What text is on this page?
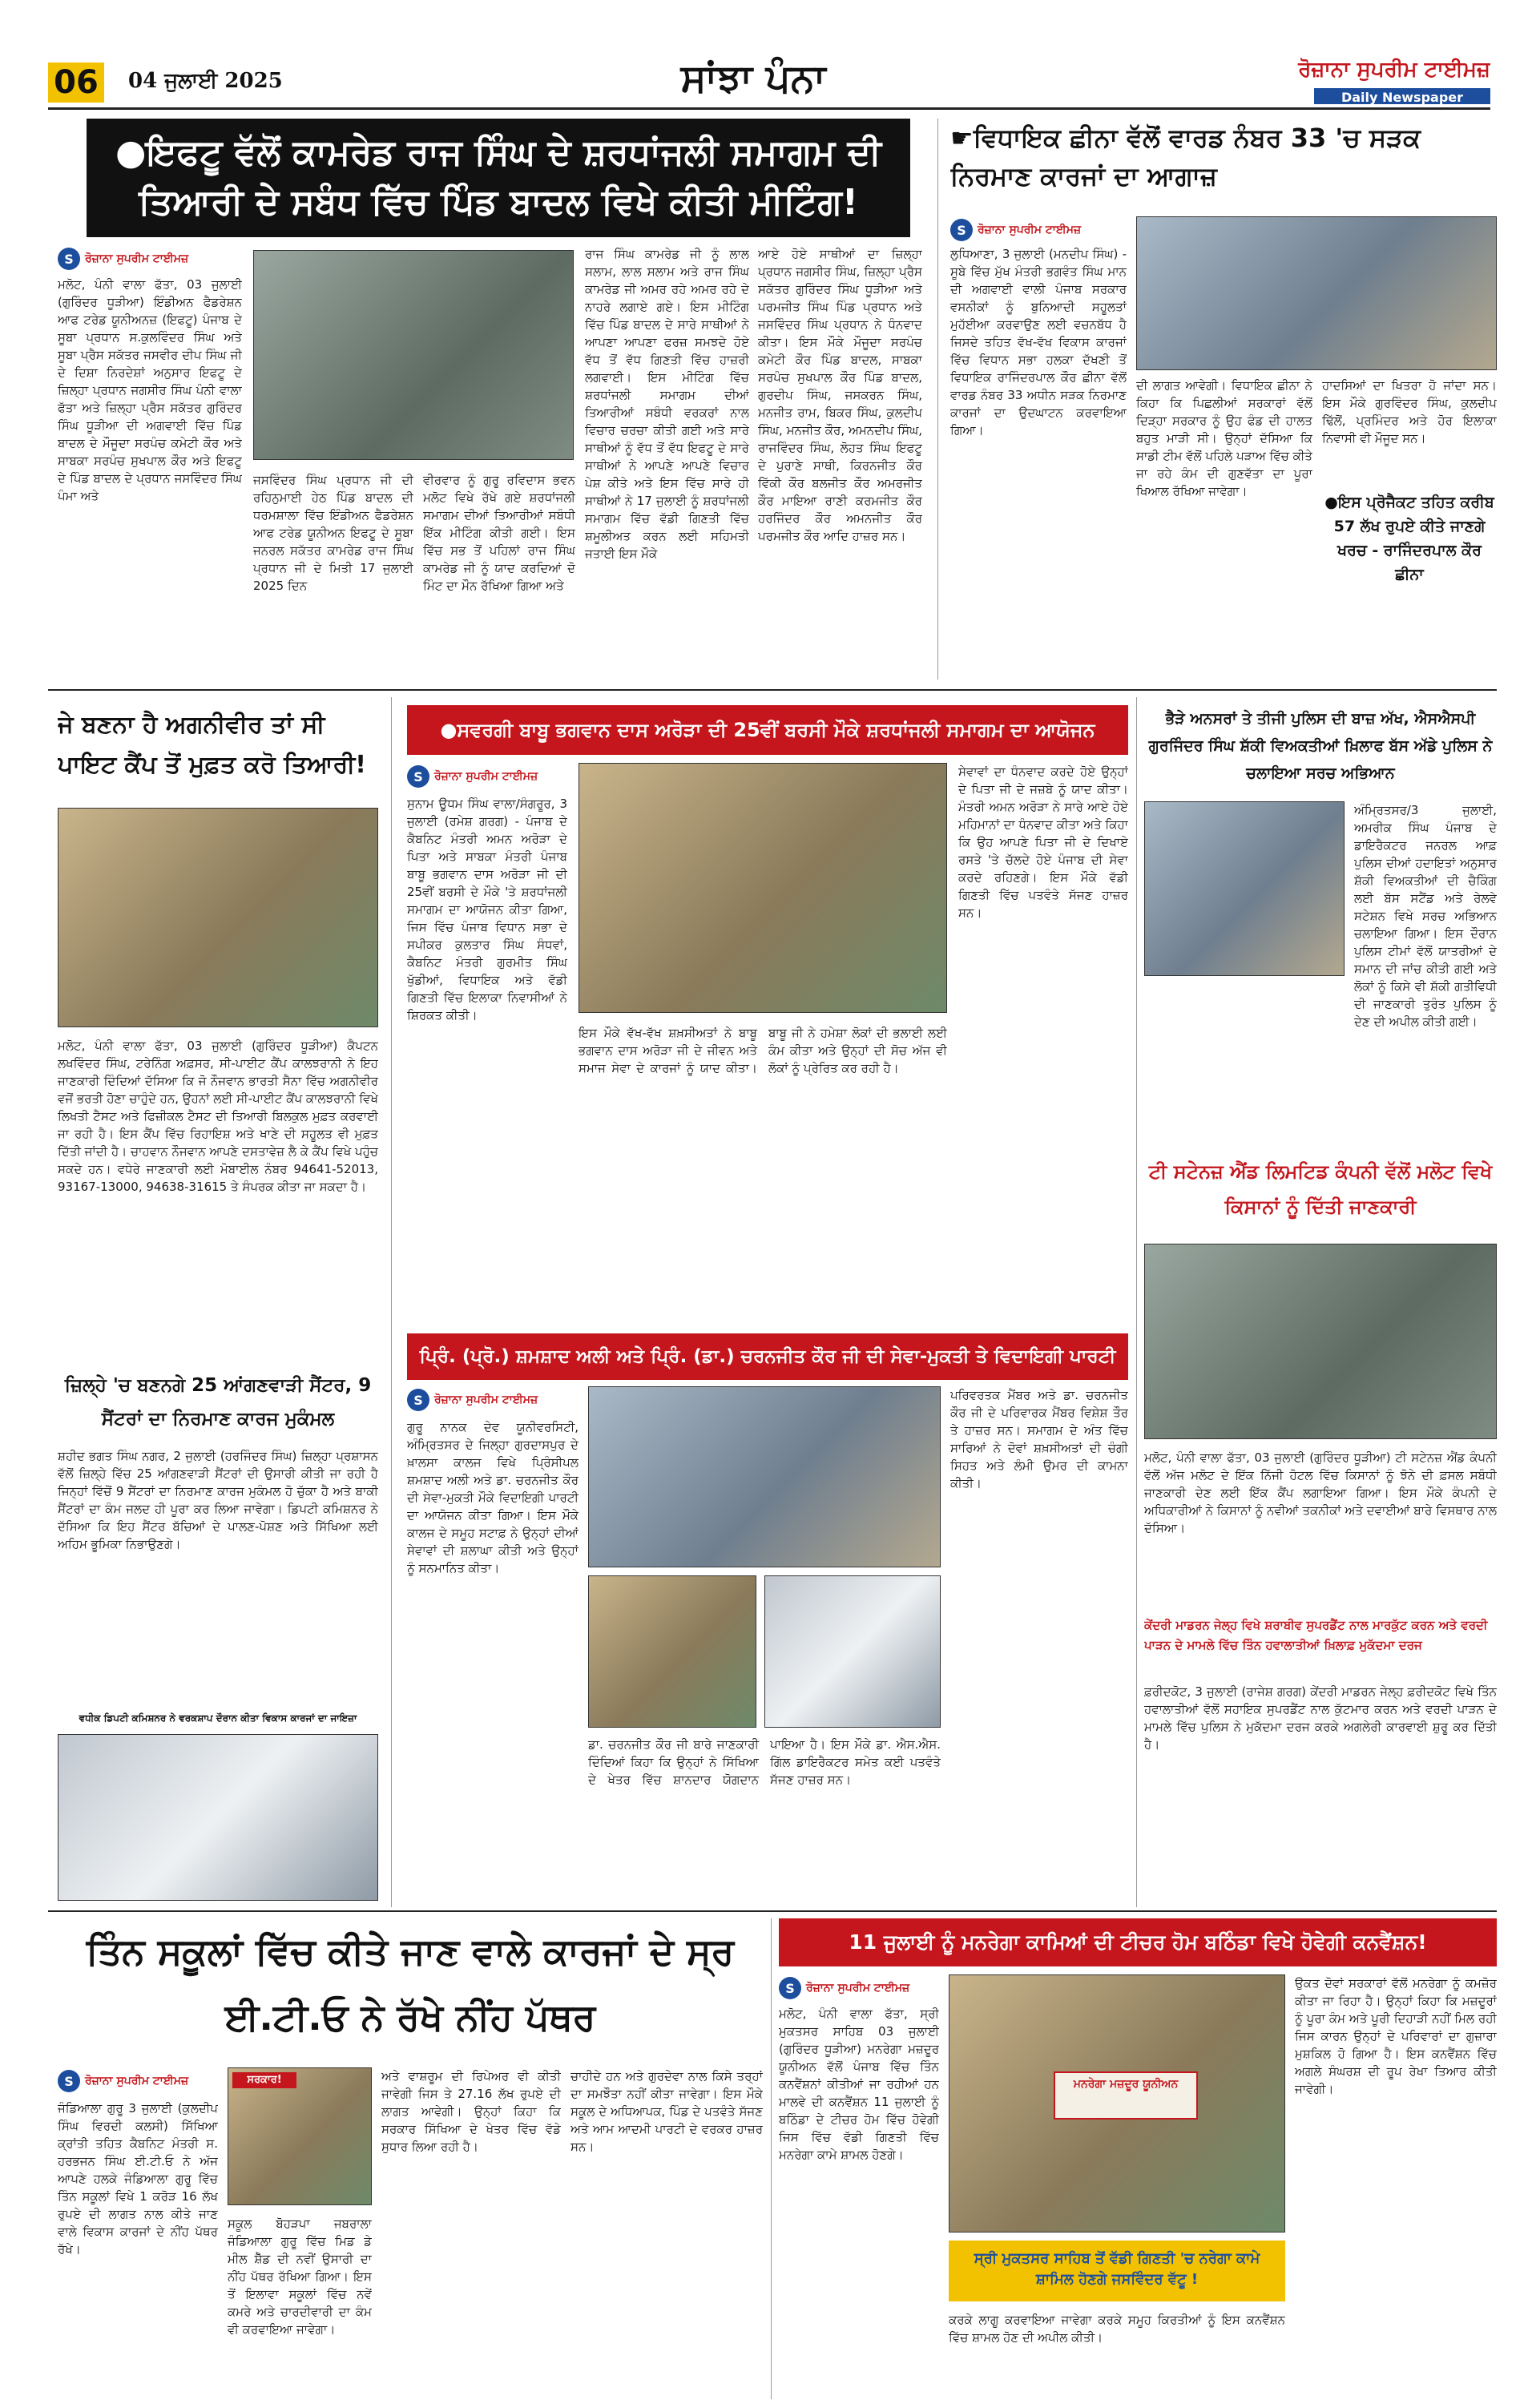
06 04 ਜੁਲਾਈ 2025	ਸਾਂਝਾ ਪੰਨਾ	ਰੋਜ਼ਾਨਾ ਸੁਪਰੀਮ ਟਾਈਮਜ਼
Daily Newspaper
●ਇਫਟੂ ਵੱਲੋਂ ਕਾਮਰੇਡ ਰਾਜ ਸਿੰਘ ਦੇ ਸ਼ਰਧਾਂਜਲੀ ਸਮਾਗਮ ਦੀ ਤਿਆਰੀ ਦੇ ਸਬੰਧ ਵਿੱਚ ਪਿੰਡ ਬਾਦਲ ਵਿਖੇ ਕੀਤੀ ਮੀਟਿੰਗ!
S	ਰੋਜ਼ਾਨਾ ਸੁਪਰੀਮ ਟਾਈਮਜ਼
ਮਲੋਟ, ਪੰਨੀ ਵਾਲਾ ਫੱਤਾ, 03 ਜੁਲਾਈ (ਗੁਰਿੰਦਰ ਧੂੜੀਆ) ਇੰਡੀਅਨ ਫੈਡਰੇਸ਼ਨ ਆਫ ਟਰੇਡ ਯੂਨੀਅਨਜ਼ (ਇਫਟੂ) ਪੰਜਾਬ ਦੇ ਸੂਬਾ ਪ੍ਰਧਾਨ ਸ.ਕੁਲਵਿੰਦਰ ਸਿੰਘ ਅਤੇ ਸੂਬਾ ਪ੍ਰੈਸ ਸਕੱਤਰ ਜਸਵੀਰ ਦੀਪ ਸਿੰਘ ਜੀ ਦੇ ਦਿਸ਼ਾ ਨਿਰਦੇਸ਼ਾਂ ਅਨੁਸਾਰ ਇਫਟੂ ਦੇ ਜ਼ਿਲ੍ਹਾ ਪ੍ਰਧਾਨ ਜਗਸੀਰ ਸਿੰਘ ਪੰਨੀ ਵਾਲਾ ਫੱਤਾ ਅਤੇ ਜ਼ਿਲ੍ਹਾ ਪ੍ਰੈਸ ਸਕੱਤਰ ਗੁਰਿੰਦਰ ਸਿੰਘ ਧੂੜੀਆ ਦੀ ਅਗਵਾਈ ਵਿੱਚ ਪਿੰਡ ਬਾਦਲ ਦੇ ਮੌਜੂਦਾ ਸਰਪੰਚ ਕਮੇਟੀ ਕੌਰ ਅਤੇ ਸਾਬਕਾ ਸਰਪੰਚ ਸੁਖਪਾਲ ਕੌਰ ਅਤੇ ਇਫਟੂ ਦੇ ਪਿੰਡ ਬਾਦਲ ਦੇ ਪ੍ਰਧਾਨ ਜਸਵਿੰਦਰ ਸਿੰਘ ਪੰਮਾ ਅਤੇ
ਜਸਵਿੰਦਰ ਸਿੰਘ ਪ੍ਰਧਾਨ ਜੀ ਦੀ ਰਹਿਨੁਮਾਈ ਹੇਠ ਪਿੰਡ ਬਾਦਲ ਦੀ ਧਰਮਸ਼ਾਲਾ ਵਿੱਚ ਇੰਡੀਅਨ ਫੈਡਰੇਸ਼ਨ ਆਫ ਟਰੇਡ ਯੂਨੀਅਨ ਇਫਟੂ ਦੇ ਸੂਬਾ ਜਨਰਲ ਸਕੱਤਰ ਕਾਮਰੇਡ ਰਾਜ ਸਿੰਘ ਪ੍ਰਧਾਨ ਜੀ ਦੇ ਮਿਤੀ 17 ਜੁਲਾਈ 2025 ਦਿਨ
ਵੀਰਵਾਰ ਨੂੰ ਗੁਰੂ ਰਵਿਦਾਸ ਭਵਨ ਮਲੋਟ ਵਿਖੇ ਰੱਖੇ ਗਏ ਸ਼ਰਧਾਂਜਲੀ ਸਮਾਗਮ ਦੀਆਂ ਤਿਆਰੀਆਂ ਸਬੰਧੀ ਇੱਕ ਮੀਟਿੰਗ ਕੀਤੀ ਗਈ। ਇਸ ਵਿੱਚ ਸਭ ਤੋਂ ਪਹਿਲਾਂ ਰਾਜ ਸਿੰਘ ਕਾਮਰੇਡ ਜੀ ਨੂੰ ਯਾਦ ਕਰਦਿਆਂ ਦੋ ਮਿੰਟ ਦਾ ਮੌਨ ਰੱਖਿਆ ਗਿਆ ਅਤੇ
ਰਾਜ ਸਿੰਘ ਕਾਮਰੇਡ ਜੀ ਨੂੰ ਲਾਲ ਸਲਾਮ, ਲਾਲ ਸਲਾਮ ਅਤੇ ਰਾਜ ਸਿੰਘ ਕਾਮਰੇਡ ਜੀ ਅਮਰ ਰਹੇ ਅਮਰ ਰਹੇ ਦੇ ਨਾਹਰੇ ਲਗਾਏ ਗਏ। ਇਸ ਮੀਟਿੰਗ ਵਿੱਚ ਪਿੰਡ ਬਾਦਲ ਦੇ ਸਾਰੇ ਸਾਥੀਆਂ ਨੇ ਆਪਣਾ ਆਪਣਾ ਫਰਜ਼ ਸਮਝਦੇ ਹੋਏ ਵੱਧ ਤੋਂ ਵੱਧ ਗਿਣਤੀ ਵਿੱਚ ਹਾਜ਼ਰੀ ਲਗਵਾਈ। ਇਸ ਮੀਟਿੰਗ ਵਿੱਚ ਸ਼ਰਧਾਂਜਲੀ ਸਮਾਗਮ ਦੀਆਂ ਤਿਆਰੀਆਂ ਸਬੰਧੀ ਵਰਕਰਾਂ ਨਾਲ ਵਿਚਾਰ ਚਰਚਾ ਕੀਤੀ ਗਈ ਅਤੇ ਸਾਰੇ ਸਾਥੀਆਂ ਨੂੰ ਵੱਧ ਤੋਂ ਵੱਧ ਇਫਟੂ ਦੇ ਸਾਰੇ ਸਾਥੀਆਂ ਨੇ ਆਪਣੇ ਆਪਣੇ ਵਿਚਾਰ ਪੇਸ਼ ਕੀਤੇ ਅਤੇ ਇਸ ਵਿੱਚ ਸਾਰੇ ਹੀ ਸਾਥੀਆਂ ਨੇ 17 ਜੁਲਾਈ ਨੂੰ ਸ਼ਰਧਾਂਜਲੀ ਸਮਾਗਮ ਵਿੱਚ ਵੱਡੀ ਗਿਣਤੀ ਵਿੱਚ ਸ਼ਮੂਲੀਅਤ ਕਰਨ ਲਈ ਸਹਿਮਤੀ ਜਤਾਈ ਇਸ ਮੌਕੇ
ਆਏ ਹੋਏ ਸਾਥੀਆਂ ਦਾ ਜ਼ਿਲ੍ਹਾ ਪ੍ਰਧਾਨ ਜਗਸੀਰ ਸਿੰਘ, ਜ਼ਿਲ੍ਹਾ ਪ੍ਰੈਸ ਸਕੱਤਰ ਗੁਰਿੰਦਰ ਸਿੰਘ ਧੂੜੀਆ ਅਤੇ ਪਰਮਜੀਤ ਸਿੰਘ ਪਿੰਡ ਪ੍ਰਧਾਨ ਅਤੇ ਜਸਵਿੰਦਰ ਸਿੰਘ ਪ੍ਰਧਾਨ ਨੇ ਧੰਨਵਾਦ ਕੀਤਾ। ਇਸ ਮੌਕੇ ਮੌਜੂਦਾ ਸਰਪੰਚ ਕਮੇਟੀ ਕੌਰ ਪਿੰਡ ਬਾਦਲ, ਸਾਬਕਾ ਸਰਪੰਚ ਸੁਖਪਾਲ ਕੌਰ ਪਿੰਡ ਬਾਦਲ, ਗੁਰਦੀਪ ਸਿੰਘ, ਜਸਕਰਨ ਸਿੰਘ, ਮਨਜੀਤ ਰਾਮ, ਬਿਕਰ ਸਿੰਘ, ਕੁਲਦੀਪ ਸਿੰਘ, ਮਨਜੀਤ ਕੌਰ, ਅਮਨਦੀਪ ਸਿੰਘ, ਰਾਜਵਿੰਦਰ ਸਿੰਘ, ਲੋਹਤ ਸਿੰਘ ਇਫਟੂ ਦੇ ਪੁਰਾਣੇ ਸਾਥੀ, ਕਿਰਨਜੀਤ ਕੌਰ ਵਿੱਕੀ ਕੌਰ ਬਲਜੀਤ ਕੌਰ ਅਮਰਜੀਤ ਕੌਰ ਮਾਇਆ ਰਾਣੀ ਕਰਮਜੀਤ ਕੌਰ ਹਰਜਿੰਦਰ ਕੌਰ ਅਮਨਜੀਤ ਕੌਰ ਪਰਮਜੀਤ ਕੌਰ ਆਦਿ ਹਾਜ਼ਰ ਸਨ।
☛ਵਿਧਾਇਕ ਛੀਨਾ ਵੱਲੋਂ ਵਾਰਡ ਨੰਬਰ 33 'ਚ ਸੜਕ ਨਿਰਮਾਣ ਕਾਰਜਾਂ ਦਾ ਆਗਾਜ਼
S	ਰੋਜ਼ਾਨਾ ਸੁਪਰੀਮ ਟਾਈਮਜ਼
ਲੁਧਿਆਣਾ, 3 ਜੁਲਾਈ (ਮਨਦੀਪ ਸਿੰਘ) - ਸੂਬੇ ਵਿੱਚ ਮੁੱਖ ਮੰਤਰੀ ਭਗਵੰਤ ਸਿੰਘ ਮਾਨ ਦੀ ਅਗਵਾਈ ਵਾਲੀ ਪੰਜਾਬ ਸਰਕਾਰ ਵਸਨੀਕਾਂ ਨੂੰ ਬੁਨਿਆਦੀ ਸਹੂਲਤਾਂ ਮੁਹੱਈਆ ਕਰਵਾਉਣ ਲਈ ਵਚਨਬੱਧ ਹੈ ਜਿਸਦੇ ਤਹਿਤ ਵੱਖ-ਵੱਖ ਵਿਕਾਸ ਕਾਰਜਾਂ ਵਿੱਚ ਵਿਧਾਨ ਸਭਾ ਹਲਕਾ ਦੱਖਣੀ ਤੋਂ ਵਿਧਾਇਕ ਰਾਜਿੰਦਰਪਾਲ ਕੌਰ ਛੀਨਾ ਵੱਲੋਂ ਵਾਰਡ ਨੰਬਰ 33 ਅਧੀਨ ਸੜਕ ਨਿਰਮਾਣ ਕਾਰਜਾਂ ਦਾ ਉਦਘਾਟਨ ਕਰਵਾਇਆ ਗਿਆ।
ਦੀ ਲਾਗਤ ਆਵੇਗੀ। ਵਿਧਾਇਕ ਛੀਨਾ ਨੇ ਕਿਹਾ ਕਿ ਪਿਛਲੀਆਂ ਸਰਕਾਰਾਂ ਵੱਲੋਂ ਦਿੜ੍ਹਾ ਸਰਕਾਰ ਨੂੰ ਉਹ ਫੰਡ ਦੀ ਹਾਲਤ ਬਹੁਤ ਮਾੜੀ ਸੀ। ਉਨ੍ਹਾਂ ਦੱਸਿਆ ਕਿ ਸਾਡੀ ਟੀਮ ਵੱਲੋਂ ਪਹਿਲੇ ਪੜਾਅ ਵਿੱਚ ਕੀਤੇ ਜਾ ਰਹੇ ਕੰਮ ਦੀ ਗੁਣਵੱਤਾ ਦਾ ਪੂਰਾ ਖਿਆਲ ਰੱਖਿਆ ਜਾਵੇਗਾ।
ਹਾਦਸਿਆਂ ਦਾ ਖਿਤਰਾ ਹੋ ਜਾਂਦਾ ਸਨ। ਇਸ ਮੌਕੇ ਗੁਰਵਿੰਦਰ ਸਿੰਘ, ਕੁਲਦੀਪ ਢਿੱਲੋਂ, ਪ੍ਰਮਿੰਦਰ ਅਤੇ ਹੋਰ ਇਲਾਕਾ ਨਿਵਾਸੀ ਵੀ ਮੌਜੂਦ ਸਨ।
●ਇਸ ਪ੍ਰੋਜੈਕਟ ਤਹਿਤ ਕਰੀਬ 57 ਲੱਖ ਰੁਪਏ ਕੀਤੇ ਜਾਣਗੇ ਖਰਚ - ਰਾਜਿੰਦਰਪਾਲ ਕੌਰ ਛੀਨਾ
ਜੇ ਬਣਨਾ ਹੈ ਅਗਨੀਵੀਰ ਤਾਂ ਸੀ ਪਾਇਟ ਕੈਂਪ ਤੋਂ ਮੁਫ਼ਤ ਕਰੋ ਤਿਆਰੀ!
ਮਲੋਟ, ਪੰਨੀ ਵਾਲਾ ਫੱਤਾ, 03 ਜੁਲਾਈ (ਗੁਰਿੰਦਰ ਧੂੜੀਆ) ਕੈਪਟਨ ਲਖਵਿੰਦਰ ਸਿੰਘ, ਟਰੇਨਿੰਗ ਅਫ਼ਸਰ, ਸੀ-ਪਾਈਟ ਕੈਂਪ ਕਾਲਝਰਾਨੀ ਨੇ ਇਹ ਜਾਣਕਾਰੀ ਦਿੰਦਿਆਂ ਦੱਸਿਆ ਕਿ ਜੋ ਨੌਜਵਾਨ ਭਾਰਤੀ ਸੈਨਾ ਵਿੱਚ ਅਗਨੀਵੀਰ ਵਜੋਂ ਭਰਤੀ ਹੋਣਾ ਚਾਹੁੰਦੇ ਹਨ, ਉਹਨਾਂ ਲਈ ਸੀ-ਪਾਈਟ ਕੈਂਪ ਕਾਲਝਰਾਨੀ ਵਿਖੇ ਲਿਖਤੀ ਟੈਸਟ ਅਤੇ ਫਿਜ਼ੀਕਲ ਟੈਸਟ ਦੀ ਤਿਆਰੀ ਬਿਲਕੁਲ ਮੁਫ਼ਤ ਕਰਵਾਈ ਜਾ ਰਹੀ ਹੈ। ਇਸ ਕੈਂਪ ਵਿੱਚ ਰਿਹਾਇਸ਼ ਅਤੇ ਖਾਣੇ ਦੀ ਸਹੂਲਤ ਵੀ ਮੁਫ਼ਤ ਦਿੱਤੀ ਜਾਂਦੀ ਹੈ। ਚਾਹਵਾਨ ਨੌਜਵਾਨ ਆਪਣੇ ਦਸਤਾਵੇਜ਼ ਲੈ ਕੇ ਕੈਂਪ ਵਿਖੇ ਪਹੁੰਚ ਸਕਦੇ ਹਨ। ਵਧੇਰੇ ਜਾਣਕਾਰੀ ਲਈ ਮੋਬਾਈਲ ਨੰਬਰ 94641-52013, 93167-13000, 94638-31615 ਤੇ ਸੰਪਰਕ ਕੀਤਾ ਜਾ ਸਕਦਾ ਹੈ।
ਜ਼ਿਲ੍ਹੇ 'ਚ ਬਣਨਗੇ 25 ਆਂਗਣਵਾੜੀ ਸੈਂਟਰ, 9 ਸੈਂਟਰਾਂ ਦਾ ਨਿਰਮਾਣ ਕਾਰਜ ਮੁਕੰਮਲ
ਸ਼ਹੀਦ ਭਗਤ ਸਿੰਘ ਨਗਰ, 2 ਜੁਲਾਈ (ਹਰਜਿੰਦਰ ਸਿੰਘ) ਜ਼ਿਲ੍ਹਾ ਪ੍ਰਸ਼ਾਸਨ ਵੱਲੋਂ ਜ਼ਿਲ੍ਹੇ ਵਿੱਚ 25 ਆਂਗਣਵਾੜੀ ਸੈਂਟਰਾਂ ਦੀ ਉਸਾਰੀ ਕੀਤੀ ਜਾ ਰਹੀ ਹੈ ਜਿਨ੍ਹਾਂ ਵਿੱਚੋਂ 9 ਸੈਂਟਰਾਂ ਦਾ ਨਿਰਮਾਣ ਕਾਰਜ ਮੁਕੰਮਲ ਹੋ ਚੁੱਕਾ ਹੈ ਅਤੇ ਬਾਕੀ ਸੈਂਟਰਾਂ ਦਾ ਕੰਮ ਜਲਦ ਹੀ ਪੂਰਾ ਕਰ ਲਿਆ ਜਾਵੇਗਾ। ਡਿਪਟੀ ਕਮਿਸ਼ਨਰ ਨੇ ਦੱਸਿਆ ਕਿ ਇਹ ਸੈਂਟਰ ਬੱਚਿਆਂ ਦੇ ਪਾਲਣ-ਪੋਸ਼ਣ ਅਤੇ ਸਿੱਖਿਆ ਲਈ ਅਹਿਮ ਭੂਮਿਕਾ ਨਿਭਾਉਣਗੇ।
ਵਧੀਕ ਡਿਪਟੀ ਕਮਿਸ਼ਨਰ ਨੇ ਵਰਕਸ਼ਾਪ ਦੌਰਾਨ ਕੀਤਾ ਵਿਕਾਸ ਕਾਰਜਾਂ ਦਾ ਜਾਇਜ਼ਾ
●ਸਵਰਗੀ ਬਾਬੂ ਭਗਵਾਨ ਦਾਸ ਅਰੋੜਾ ਦੀ 25ਵੀਂ ਬਰਸੀ ਮੌਕੇ ਸ਼ਰਧਾਂਜਲੀ ਸਮਾਗਮ ਦਾ ਆਯੋਜਨ
S	ਰੋਜ਼ਾਨਾ ਸੁਪਰੀਮ ਟਾਈਮਜ਼
ਸੁਨਾਮ ਊਧਮ ਸਿੰਘ ਵਾਲਾ/ਸੰਗਰੂਰ, 3 ਜੁਲਾਈ (ਰਮੇਸ਼ ਗਰਗ) - ਪੰਜਾਬ ਦੇ ਕੈਬਨਿਟ ਮੰਤਰੀ ਅਮਨ ਅਰੋੜਾ ਦੇ ਪਿਤਾ ਅਤੇ ਸਾਬਕਾ ਮੰਤਰੀ ਪੰਜਾਬ ਬਾਬੂ ਭਗਵਾਨ ਦਾਸ ਅਰੋੜਾ ਜੀ ਦੀ 25ਵੀਂ ਬਰਸੀ ਦੇ ਮੌਕੇ 'ਤੇ ਸ਼ਰਧਾਂਜਲੀ ਸਮਾਗਮ ਦਾ ਆਯੋਜਨ ਕੀਤਾ ਗਿਆ, ਜਿਸ ਵਿੱਚ ਪੰਜਾਬ ਵਿਧਾਨ ਸਭਾ ਦੇ ਸਪੀਕਰ ਕੁਲਤਾਰ ਸਿੰਘ ਸੰਧਵਾਂ, ਕੈਬਨਿਟ ਮੰਤਰੀ ਗੁਰਮੀਤ ਸਿੰਘ ਖੁੱਡੀਆਂ, ਵਿਧਾਇਕ ਅਤੇ ਵੱਡੀ ਗਿਣਤੀ ਵਿੱਚ ਇਲਾਕਾ ਨਿਵਾਸੀਆਂ ਨੇ ਸ਼ਿਰਕਤ ਕੀਤੀ।
ਇਸ ਮੌਕੇ ਵੱਖ-ਵੱਖ ਸ਼ਖ਼ਸੀਅਤਾਂ ਨੇ ਬਾਬੂ ਭਗਵਾਨ ਦਾਸ ਅਰੋੜਾ ਜੀ ਦੇ ਜੀਵਨ ਅਤੇ ਸਮਾਜ ਸੇਵਾ ਦੇ ਕਾਰਜਾਂ ਨੂੰ ਯਾਦ ਕੀਤਾ। ਬਾਬੂ ਜੀ ਨੇ ਹਮੇਸ਼ਾ ਲੋਕਾਂ ਦੀ ਭਲਾਈ ਲਈ ਕੰਮ ਕੀਤਾ ਅਤੇ ਉਨ੍ਹਾਂ ਦੀ ਸੋਚ ਅੱਜ ਵੀ ਲੋਕਾਂ ਨੂੰ ਪ੍ਰੇਰਿਤ ਕਰ ਰਹੀ ਹੈ।
ਸੇਵਾਵਾਂ ਦਾ ਧੰਨਵਾਦ ਕਰਦੇ ਹੋਏ ਉਨ੍ਹਾਂ ਦੇ ਪਿਤਾ ਜੀ ਦੇ ਜਜ਼ਬੇ ਨੂੰ ਯਾਦ ਕੀਤਾ। ਮੰਤਰੀ ਅਮਨ ਅਰੋੜਾ ਨੇ ਸਾਰੇ ਆਏ ਹੋਏ ਮਹਿਮਾਨਾਂ ਦਾ ਧੰਨਵਾਦ ਕੀਤਾ ਅਤੇ ਕਿਹਾ ਕਿ ਉਹ ਆਪਣੇ ਪਿਤਾ ਜੀ ਦੇ ਦਿਖਾਏ ਰਸਤੇ 'ਤੇ ਚੱਲਦੇ ਹੋਏ ਪੰਜਾਬ ਦੀ ਸੇਵਾ ਕਰਦੇ ਰਹਿਣਗੇ। ਇਸ ਮੌਕੇ ਵੱਡੀ ਗਿਣਤੀ ਵਿੱਚ ਪਤਵੰਤੇ ਸੱਜਣ ਹਾਜ਼ਰ ਸਨ।
ਭੈੜੇ ਅਨਸਰਾਂ ਤੇ ਤੀਜੀ ਪੁਲਿਸ ਦੀ ਬਾਜ਼ ਅੱਖ, ਐਸਐਸਪੀ ਗੁਰਜਿੰਦਰ ਸਿੰਘ ਸ਼ੱਕੀ ਵਿਅਕਤੀਆਂ ਖ਼ਿਲਾਫ ਬੱਸ ਅੱਡੇ ਪੁਲਿਸ ਨੇ ਚਲਾਇਆ ਸਰਚ ਅਭਿਆਨ
ਅੰਮ੍ਰਿਤਸਰ/3 ਜੁਲਾਈ, ਅਮਰੀਕ ਸਿੰਘ ਪੰਜਾਬ ਦੇ ਡਾਇਰੈਕਟਰ ਜਨਰਲ ਆਫ਼ ਪੁਲਿਸ ਦੀਆਂ ਹਦਾਇਤਾਂ ਅਨੁਸਾਰ ਸ਼ੱਕੀ ਵਿਅਕਤੀਆਂ ਦੀ ਚੈਕਿੰਗ ਲਈ ਬੱਸ ਸਟੈਂਡ ਅਤੇ ਰੇਲਵੇ ਸਟੇਸ਼ਨ ਵਿਖੇ ਸਰਚ ਅਭਿਆਨ ਚਲਾਇਆ ਗਿਆ। ਇਸ ਦੌਰਾਨ ਪੁਲਿਸ ਟੀਮਾਂ ਵੱਲੋਂ ਯਾਤਰੀਆਂ ਦੇ ਸਮਾਨ ਦੀ ਜਾਂਚ ਕੀਤੀ ਗਈ ਅਤੇ ਲੋਕਾਂ ਨੂੰ ਕਿਸੇ ਵੀ ਸ਼ੱਕੀ ਗਤੀਵਿਧੀ ਦੀ ਜਾਣਕਾਰੀ ਤੁਰੰਤ ਪੁਲਿਸ ਨੂੰ ਦੇਣ ਦੀ ਅਪੀਲ ਕੀਤੀ ਗਈ।
ਟੀ ਸਟੇਨਜ਼ ਐਂਡ ਲਿਮਟਿਡ ਕੰਪਨੀ ਵੱਲੋਂ ਮਲੋਟ ਵਿਖੇ ਕਿਸਾਨਾਂ ਨੂੰ ਦਿੱਤੀ ਜਾਣਕਾਰੀ
ਮਲੋਟ, ਪੰਨੀ ਵਾਲਾ ਫੱਤਾ, 03 ਜੁਲਾਈ (ਗੁਰਿੰਦਰ ਧੂੜੀਆ) ਟੀ ਸਟੇਨਜ਼ ਐਂਡ ਕੰਪਨੀ ਵੱਲੋਂ ਅੱਜ ਮਲੋਟ ਦੇ ਇੱਕ ਨਿੱਜੀ ਹੋਟਲ ਵਿੱਚ ਕਿਸਾਨਾਂ ਨੂੰ ਝੋਨੇ ਦੀ ਫ਼ਸਲ ਸਬੰਧੀ ਜਾਣਕਾਰੀ ਦੇਣ ਲਈ ਇੱਕ ਕੈਂਪ ਲਗਾਇਆ ਗਿਆ। ਇਸ ਮੌਕੇ ਕੰਪਨੀ ਦੇ ਅਧਿਕਾਰੀਆਂ ਨੇ ਕਿਸਾਨਾਂ ਨੂੰ ਨਵੀਆਂ ਤਕਨੀਕਾਂ ਅਤੇ ਦਵਾਈਆਂ ਬਾਰੇ ਵਿਸਥਾਰ ਨਾਲ ਦੱਸਿਆ।
ਕੇਂਦਰੀ ਮਾਡਰਨ ਜੇਲ੍ਹ ਵਿਖੇ ਸ਼ਰਾਬੀਵ ਸੁਪਰਡੈਂਟ ਨਾਲ ਮਾਰਕੁੱਟ ਕਰਨ ਅਤੇ ਵਰਦੀ ਪਾੜਨ ਦੇ ਮਾਮਲੇ ਵਿੱਚ ਤਿੰਨ ਹਵਾਲਾਤੀਆਂ ਖ਼ਿਲਾਫ਼ ਮੁਕੱਦਮਾ ਦਰਜ
ਫ਼ਰੀਦਕੋਟ, 3 ਜੁਲਾਈ (ਰਾਜੇਸ਼ ਗਰਗ) ਕੇਂਦਰੀ ਮਾਡਰਨ ਜੇਲ੍ਹ ਫ਼ਰੀਦਕੋਟ ਵਿਖੇ ਤਿੰਨ ਹਵਾਲਾਤੀਆਂ ਵੱਲੋਂ ਸਹਾਇਕ ਸੁਪਰਡੈਂਟ ਨਾਲ ਕੁੱਟਮਾਰ ਕਰਨ ਅਤੇ ਵਰਦੀ ਪਾੜਨ ਦੇ ਮਾਮਲੇ ਵਿੱਚ ਪੁਲਿਸ ਨੇ ਮੁਕੱਦਮਾ ਦਰਜ ਕਰਕੇ ਅਗਲੇਰੀ ਕਾਰਵਾਈ ਸ਼ੁਰੂ ਕਰ ਦਿੱਤੀ ਹੈ।
ਪ੍ਰਿੰ. (ਪ੍ਰੋ.) ਸ਼ਮਸ਼ਾਦ ਅਲੀ ਅਤੇ ਪ੍ਰਿੰ. (ਡਾ.) ਚਰਨਜੀਤ ਕੌਰ ਜੀ ਦੀ ਸੇਵਾ-ਮੁਕਤੀ ਤੇ ਵਿਦਾਇਗੀ ਪਾਰਟੀ
S	ਰੋਜ਼ਾਨਾ ਸੁਪਰੀਮ ਟਾਈਮਜ਼
ਗੁਰੂ ਨਾਨਕ ਦੇਵ ਯੂਨੀਵਰਸਿਟੀ, ਅੰਮ੍ਰਿਤਸਰ ਦੇ ਜਿਲ੍ਹਾ ਗੁਰਦਾਸਪੁਰ ਦੇ ਖ਼ਾਲਸਾ ਕਾਲਜ ਵਿਖੇ ਪ੍ਰਿੰਸੀਪਲ ਸ਼ਮਸ਼ਾਦ ਅਲੀ ਅਤੇ ਡਾ. ਚਰਨਜੀਤ ਕੌਰ ਦੀ ਸੇਵਾ-ਮੁਕਤੀ ਮੌਕੇ ਵਿਦਾਇਗੀ ਪਾਰਟੀ ਦਾ ਆਯੋਜਨ ਕੀਤਾ ਗਿਆ। ਇਸ ਮੌਕੇ ਕਾਲਜ ਦੇ ਸਮੂਹ ਸਟਾਫ਼ ਨੇ ਉਨ੍ਹਾਂ ਦੀਆਂ ਸੇਵਾਵਾਂ ਦੀ ਸ਼ਲਾਘਾ ਕੀਤੀ ਅਤੇ ਉਨ੍ਹਾਂ ਨੂੰ ਸਨਮਾਨਿਤ ਕੀਤਾ।
ਡਾ. ਚਰਨਜੀਤ ਕੌਰ ਜੀ ਬਾਰੇ ਜਾਣਕਾਰੀ ਦਿੰਦਿਆਂ ਕਿਹਾ ਕਿ ਉਨ੍ਹਾਂ ਨੇ ਸਿੱਖਿਆ ਦੇ ਖੇਤਰ ਵਿੱਚ ਸ਼ਾਨਦਾਰ ਯੋਗਦਾਨ ਪਾਇਆ ਹੈ। ਇਸ ਮੌਕੇ ਡਾ. ਐਸ.ਐਸ. ਗਿੱਲ ਡਾਇਰੈਕਟਰ ਸਮੇਤ ਕਈ ਪਤਵੰਤੇ ਸੱਜਣ ਹਾਜ਼ਰ ਸਨ।
ਪਰਿਵਰਤਕ ਮੈਂਬਰ ਅਤੇ ਡਾ. ਚਰਨਜੀਤ ਕੌਰ ਜੀ ਦੇ ਪਰਿਵਾਰਕ ਮੈਂਬਰ ਵਿਸ਼ੇਸ਼ ਤੌਰ ਤੇ ਹਾਜ਼ਰ ਸਨ। ਸਮਾਗਮ ਦੇ ਅੰਤ ਵਿੱਚ ਸਾਰਿਆਂ ਨੇ ਦੋਵਾਂ ਸ਼ਖ਼ਸੀਅਤਾਂ ਦੀ ਚੰਗੀ ਸਿਹਤ ਅਤੇ ਲੰਮੀ ਉਮਰ ਦੀ ਕਾਮਨਾ ਕੀਤੀ।
ਤਿੰਨ ਸਕੂਲਾਂ ਵਿੱਚ ਕੀਤੇ ਜਾਣ ਵਾਲੇ ਕਾਰਜਾਂ ਦੇ ਸ੍ਰ ਈ.ਟੀ.ਓ ਨੇ ਰੱਖੇ ਨੀਂਹ ਪੱਥਰ
S	ਰੋਜ਼ਾਨਾ ਸੁਪਰੀਮ ਟਾਈਮਜ਼
ਜੰਡਿਆਲਾ ਗੁਰੂ 3 ਜੁਲਾਈ (ਕੁਲਦੀਪ ਸਿੰਘ ਵਿਰਦੀ ਕਲਸੀ) ਸਿੱਖਿਆ ਕ੍ਰਾਂਤੀ ਤਹਿਤ ਕੈਬਨਿਟ ਮੰਤਰੀ ਸ. ਹਰਭਜਨ ਸਿੰਘ ਈ.ਟੀ.ਓ ਨੇ ਅੱਜ ਆਪਣੇ ਹਲਕੇ ਜੰਡਿਆਲਾ ਗੁਰੂ ਵਿੱਚ ਤਿੰਨ ਸਕੂਲਾਂ ਵਿਖੇ 1 ਕਰੋੜ 16 ਲੱਖ ਰੁਪਏ ਦੀ ਲਾਗਤ ਨਾਲ ਕੀਤੇ ਜਾਣ ਵਾਲੇ ਵਿਕਾਸ ਕਾਰਜਾਂ ਦੇ ਨੀਂਹ ਪੱਥਰ ਰੱਖੇ।
ਸਰਕਾਰ!
ਸਕੂਲ ਬੋਹੜਪਾ ਜਬਰਾਲਾ ਜੰਡਿਆਲਾ ਗੁਰੂ ਵਿੱਚ ਮਿਡ ਡੇ ਮੀਲ ਸ਼ੈੱਡ ਦੀ ਨਵੀਂ ਉਸਾਰੀ ਦਾ ਨੀਂਹ ਪੱਥਰ ਰੱਖਿਆ ਗਿਆ। ਇਸ ਤੋਂ ਇਲਾਵਾ ਸਕੂਲਾਂ ਵਿੱਚ ਨਵੇਂ ਕਮਰੇ ਅਤੇ ਚਾਰਦੀਵਾਰੀ ਦਾ ਕੰਮ ਵੀ ਕਰਵਾਇਆ ਜਾਵੇਗਾ।
ਅਤੇ ਵਾਸ਼ਰੂਮ ਦੀ ਰਿਪੇਅਰ ਵੀ ਕੀਤੀ ਜਾਵੇਗੀ ਜਿਸ ਤੇ 27.16 ਲੱਖ ਰੁਪਏ ਦੀ ਲਾਗਤ ਆਵੇਗੀ। ਉਨ੍ਹਾਂ ਕਿਹਾ ਕਿ ਸਰਕਾਰ ਸਿੱਖਿਆ ਦੇ ਖੇਤਰ ਵਿੱਚ ਵੱਡੇ ਸੁਧਾਰ ਲਿਆ ਰਹੀ ਹੈ।
ਚਾਹੀਦੇ ਹਨ ਅਤੇ ਗੁਰਦੇਵਾ ਨਾਲ ਕਿਸੇ ਤਰ੍ਹਾਂ ਦਾ ਸਮਝੌਤਾ ਨਹੀਂ ਕੀਤਾ ਜਾਵੇਗਾ। ਇਸ ਮੌਕੇ ਸਕੂਲ ਦੇ ਅਧਿਆਪਕ, ਪਿੰਡ ਦੇ ਪਤਵੰਤੇ ਸੱਜਣ ਅਤੇ ਆਮ ਆਦਮੀ ਪਾਰਟੀ ਦੇ ਵਰਕਰ ਹਾਜ਼ਰ ਸਨ।
11 ਜੁਲਾਈ ਨੂੰ ਮਨਰੇਗਾ ਕਾਮਿਆਂ ਦੀ ਟੀਚਰ ਹੋਮ ਬਠਿੰਡਾ ਵਿਖੇ ਹੋਵੇਗੀ ਕਨਵੈਂਸ਼ਨ!
S	ਰੋਜ਼ਾਨਾ ਸੁਪਰੀਮ ਟਾਈਮਜ਼
ਮਲੋਟ, ਪੰਨੀ ਵਾਲਾ ਫੱਤਾ, ਸ੍ਰੀ ਮੁਕਤਸਰ ਸਾਹਿਬ 03 ਜੁਲਾਈ (ਗੁਰਿੰਦਰ ਧੂੜੀਆ) ਮਨਰੇਗਾ ਮਜ਼ਦੂਰ ਯੂਨੀਅਨ ਵੱਲੋਂ ਪੰਜਾਬ ਵਿੱਚ ਤਿੰਨ ਕਨਵੈਂਸ਼ਨਾਂ ਕੀਤੀਆਂ ਜਾ ਰਹੀਆਂ ਹਨ ਮਾਲਵੇ ਦੀ ਕਨਵੈਂਸ਼ਨ 11 ਜੁਲਾਈ ਨੂੰ ਬਠਿੰਡਾ ਦੇ ਟੀਚਰ ਹੋਮ ਵਿੱਚ ਹੋਵੇਗੀ ਜਿਸ ਵਿੱਚ ਵੱਡੀ ਗਿਣਤੀ ਵਿੱਚ ਮਨਰੇਗਾ ਕਾਮੇ ਸ਼ਾਮਲ ਹੋਣਗੇ।
ਮਨਰੇਗਾ ਮਜ਼ਦੂਰ ਯੂਨੀਅਨ
ਸ੍ਰੀ ਮੁਕਤਸਰ ਸਾਹਿਬ ਤੋਂ ਵੱਡੀ ਗਿਣਤੀ 'ਚ ਨਰੇਗਾ ਕਾਮੇ ਸ਼ਾਮਿਲ ਹੋਣਗੇ ਜਸਵਿੰਦਰ ਵੱਟੂ !
ਕਰਕੇ ਲਾਗੂ ਕਰਵਾਇਆ ਜਾਵੇਗਾ ਕਰਕੇ ਸਮੂਹ ਕਿਰਤੀਆਂ ਨੂੰ ਇਸ ਕਨਵੈਂਸ਼ਨ ਵਿੱਚ ਸ਼ਾਮਲ ਹੋਣ ਦੀ ਅਪੀਲ ਕੀਤੀ।
ਉਕਤ ਦੋਵਾਂ ਸਰਕਾਰਾਂ ਵੱਲੋਂ ਮਨਰੇਗਾ ਨੂੰ ਕਮਜ਼ੋਰ ਕੀਤਾ ਜਾ ਰਿਹਾ ਹੈ। ਉਨ੍ਹਾਂ ਕਿਹਾ ਕਿ ਮਜ਼ਦੂਰਾਂ ਨੂੰ ਪੂਰਾ ਕੰਮ ਅਤੇ ਪੂਰੀ ਦਿਹਾੜੀ ਨਹੀਂ ਮਿਲ ਰਹੀ ਜਿਸ ਕਾਰਨ ਉਨ੍ਹਾਂ ਦੇ ਪਰਿਵਾਰਾਂ ਦਾ ਗੁਜ਼ਾਰਾ ਮੁਸ਼ਕਿਲ ਹੋ ਗਿਆ ਹੈ। ਇਸ ਕਨਵੈਂਸ਼ਨ ਵਿੱਚ ਅਗਲੇ ਸੰਘਰਸ਼ ਦੀ ਰੂਪ ਰੇਖਾ ਤਿਆਰ ਕੀਤੀ ਜਾਵੇਗੀ।
